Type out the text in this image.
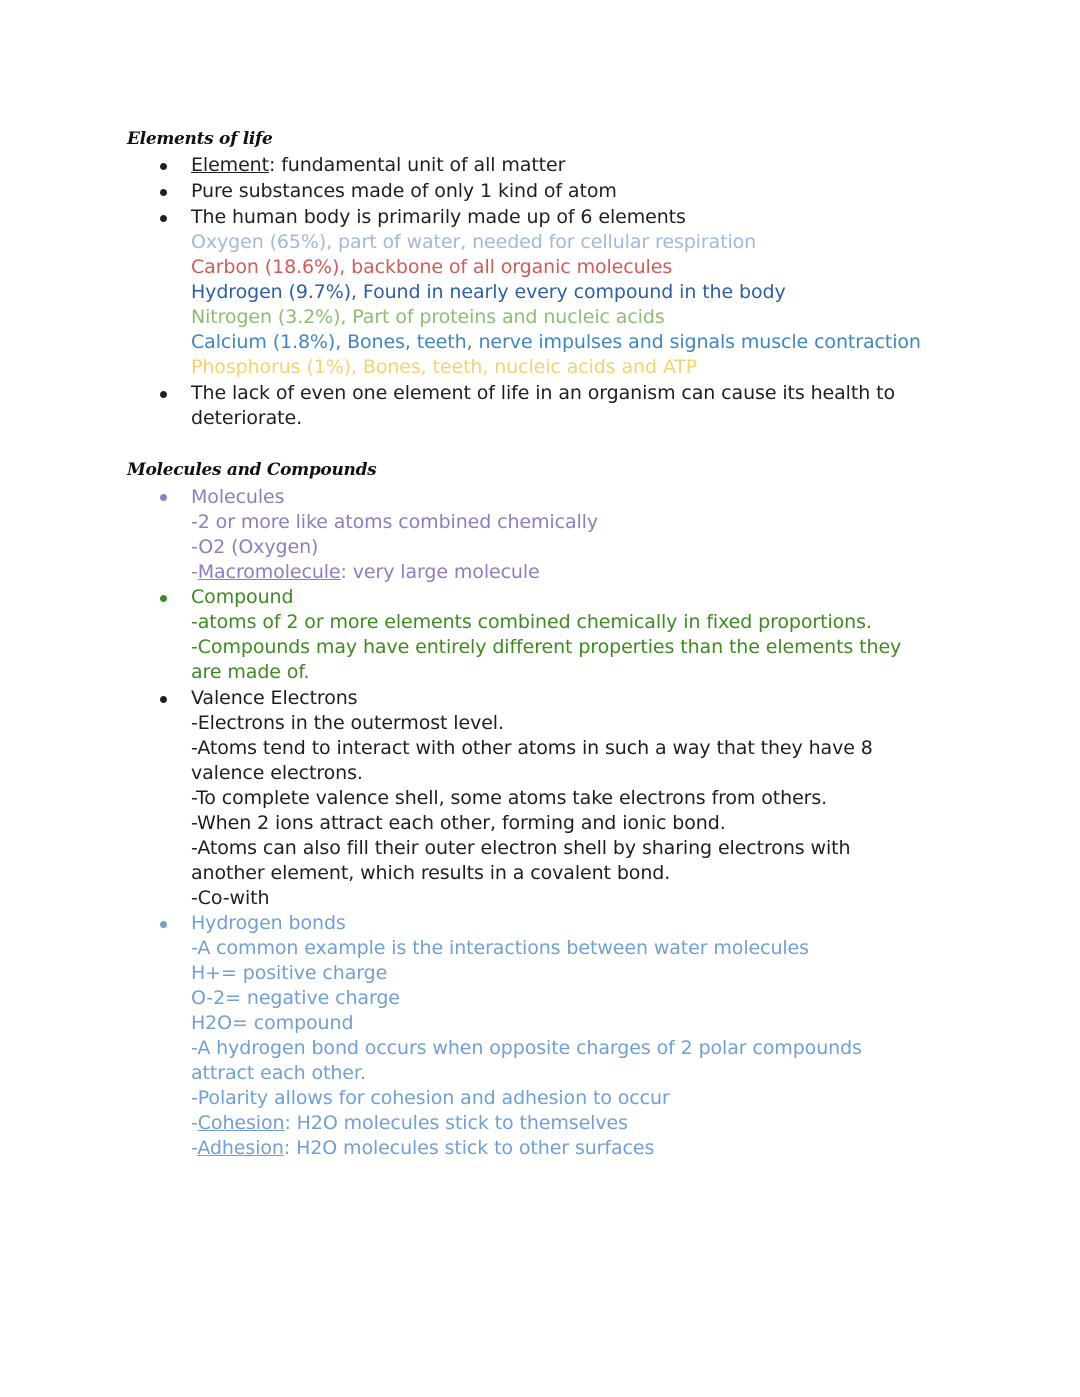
Elements of life
Element: fundamental unit of all matter
Pure substances made of only 1 kind of atom
The human body is primarily made up of 6 elements
Oxygen (65%), part of water, needed for cellular respiration
Carbon (18.6%), backbone of all organic molecules
Hydrogen (9.7%), Found in nearly every compound in the body
Nitrogen (3.2%), Part of proteins and nucleic acids
Calcium (1.8%), Bones, teeth, nerve impulses and signals muscle contraction
Phosphorus (1%), Bones, teeth, nucleic acids and ATP
The lack of even one element of life in an organism can cause its health to
deteriorate.
Molecules and Compounds
Molecules
-2 or more like atoms combined chemically
-O2 (Oxygen)
-Macromolecule: very large molecule
Compound
-atoms of 2 or more elements combined chemically in fixed proportions.
-Compounds may have entirely different properties than the elements they
are made of.
Valence Electrons
-Electrons in the outermost level.
-Atoms tend to interact with other atoms in such a way that they have 8
valence electrons.
-To complete valence shell, some atoms take electrons from others.
-When 2 ions attract each other, forming and ionic bond.
-Atoms can also fill their outer electron shell by sharing electrons with
another element, which results in a covalent bond.
-Co-with
Hydrogen bonds
-A common example is the interactions between water molecules
H+= positive charge
O-2= negative charge
H2O= compound
-A hydrogen bond occurs when opposite charges of 2 polar compounds
attract each other.
-Polarity allows for cohesion and adhesion to occur
-Cohesion: H2O molecules stick to themselves
-Adhesion: H2O molecules stick to other surfaces
